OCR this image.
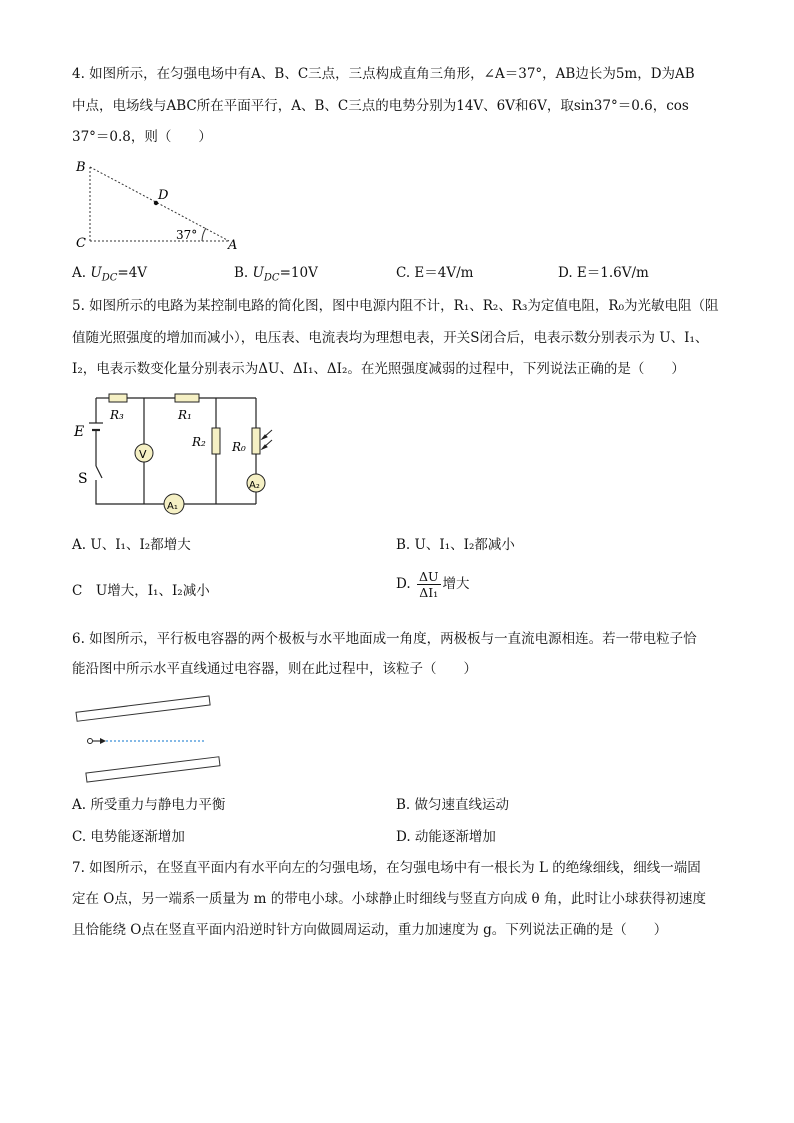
4. 如图所示，在匀强电场中有A、B、C三点，三点构成直角三角形，∠A＝37°，AB边长为5m，D为AB
中点，电场线与ABC所在平面平行，A、B、C三点的电势分别为14V、6V和6V，取sin37°＝0.6，cos
37°＝0.8，则（　　）
B
C
D
A
37°
A. $U_{DC}=4V$	B. $U_{DC}=10V$	C. E＝4V/m	D. E＝1.6V/m
5. 如图所示的电路为某控制电路的简化图，图中电源内阻不计，R₁、R₂、R₃为定值电阻，R₀为光敏电阻（阻
值随光照强度的增加而减小），电压表、电流表均为理想电表，开关S闭合后，电表示数分别表示为 U、I₁、
I₂，电表示数变化量分别表示为ΔU、ΔI₁、ΔI₂。在光照强度减弱的过程中，下列说法正确的是（　　）
E
S
R₃	R₁
R₂ R₀
V
A₁
A₂
A. U、I₁、I₂都增大	B. U、I₁、I₂都减小
C　U增大，I₁、I₂减小	D. $\frac{\Delta U}{\text{ΔI₁}}$ 增大
6. 如图所示，平行板电容器的两个极板与水平地面成一角度，两极板与一直流电源相连。若一带电粒子恰
能沿图中所示水平直线通过电容器，则在此过程中，该粒子（　　）
A. 所受重力与静电力平衡	B. 做匀速直线运动
C. 电势能逐渐增加	D. 动能逐渐增加
7. 如图所示，在竖直平面内有水平向左的匀强电场，在匀强电场中有一根长为 L 的绝缘细线，细线一端固
定在 O点，另一端系一质量为 m 的带电小球。小球静止时细线与竖直方向成 θ 角，此时让小球获得初速度
且恰能绕 O点在竖直平面内沿逆时针方向做圆周运动，重力加速度为 g。下列说法正确的是（　　）
